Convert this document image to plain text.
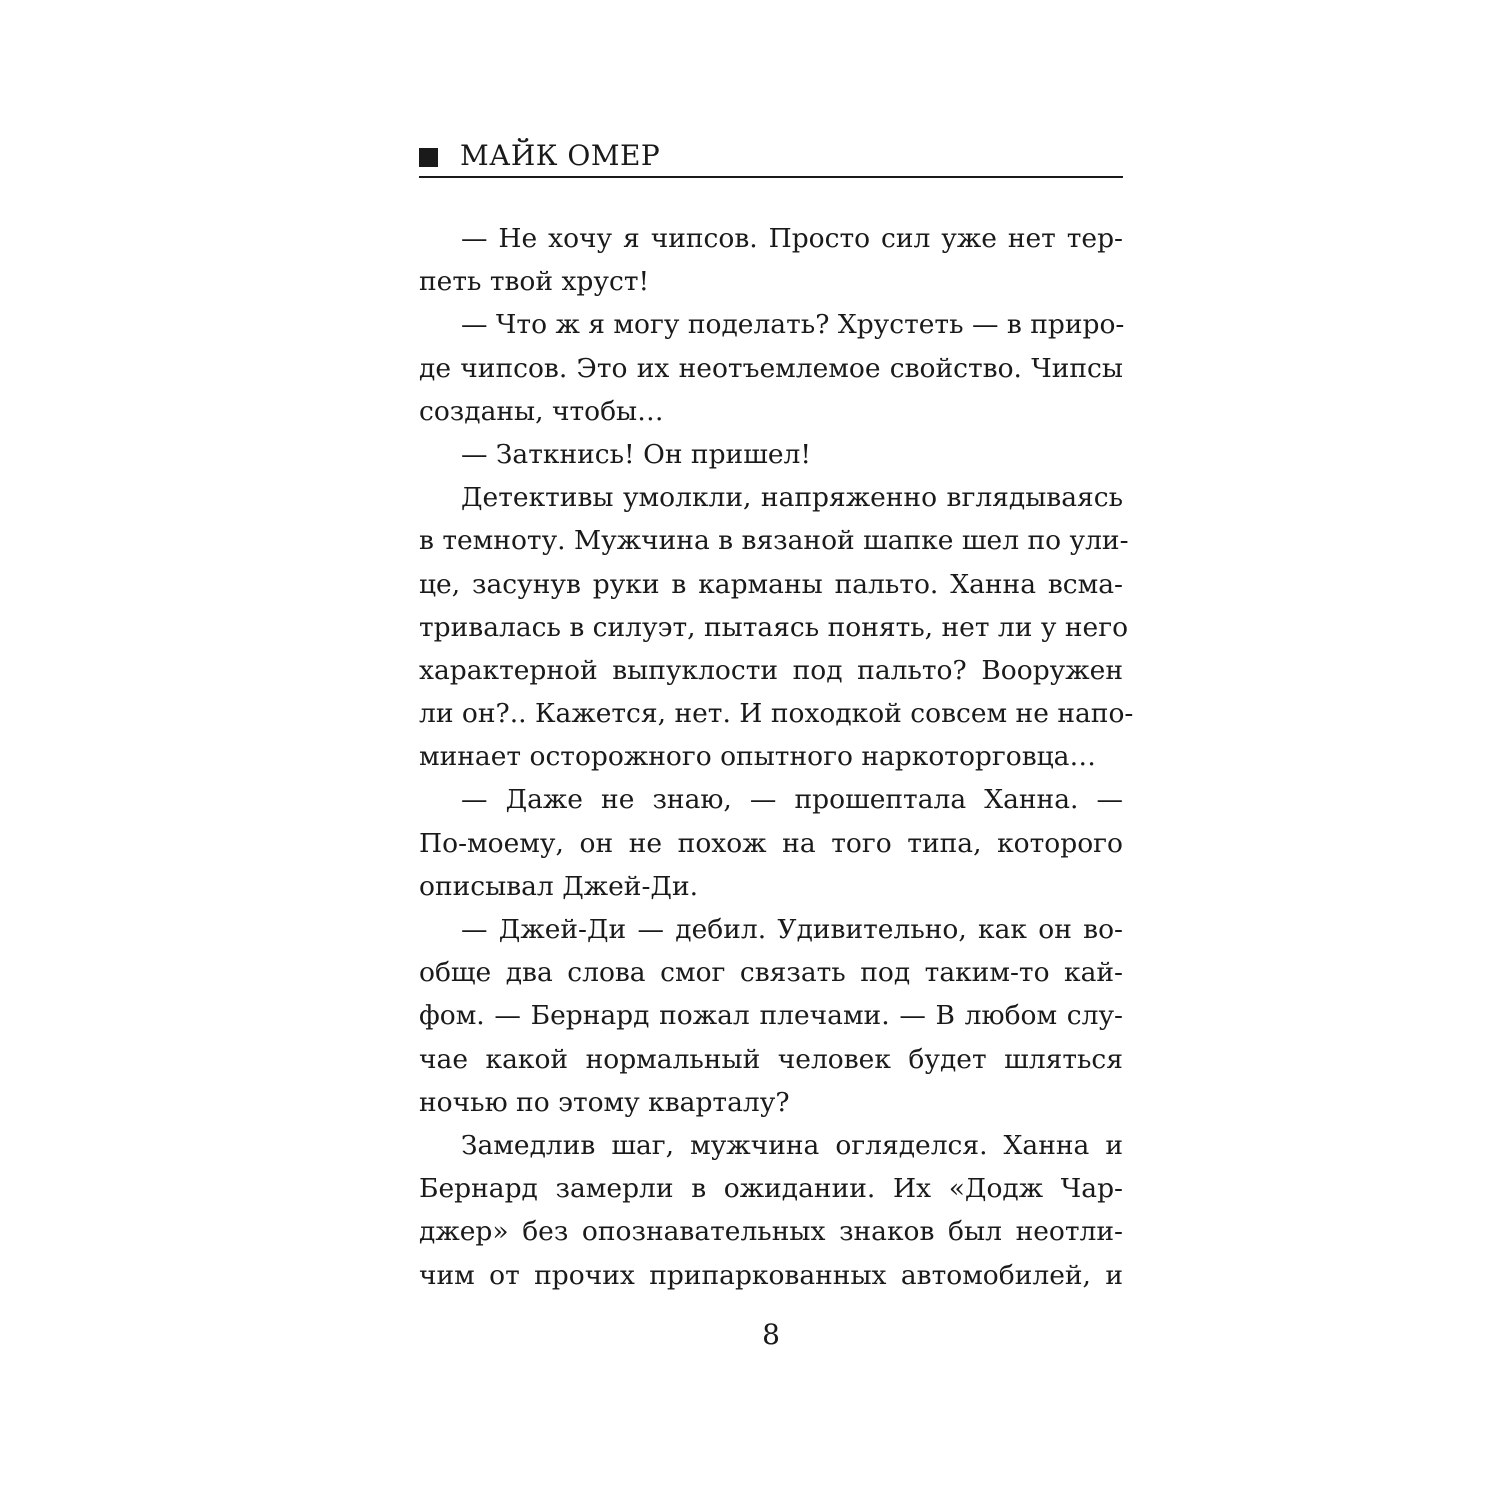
МАЙК ОМЕР
— Не хочу я чипсов. Просто сил уже нет тер-
петь твой хруст!
— Что ж я могу поделать? Хрустеть — в приро-
де чипсов. Это их неотъемлемое свойство. Чипсы
созданы, чтобы…
— Заткнись! Он пришел!
Детективы умолкли, напряженно вглядываясь
в темноту. Мужчина в вязаной шапке шел по ули-
це, засунув руки в карманы пальто. Ханна всма-
тривалась в силуэт, пытаясь понять, нет ли у него
характерной выпуклости под пальто? Вооружен
ли он?.. Кажется, нет. И походкой совсем не напо-
минает осторожного опытного наркоторговца…
— Даже не знаю, — прошептала Ханна. —
По-моему, он не похож на того типа, которого
описывал Джей-Ди.
— Джей-Ди — дебил. Удивительно, как он во-
обще два слова смог связать под таким-то кай-
фом. — Бернард пожал плечами. — В любом слу-
чае какой нормальный человек будет шляться
ночью по этому кварталу?
Замедлив шаг, мужчина огляделся. Ханна и
Бернард замерли в ожидании. Их «Додж Чар-
джер» без опознавательных знаков был неотли-
чим от прочих припаркованных автомобилей, и
8
